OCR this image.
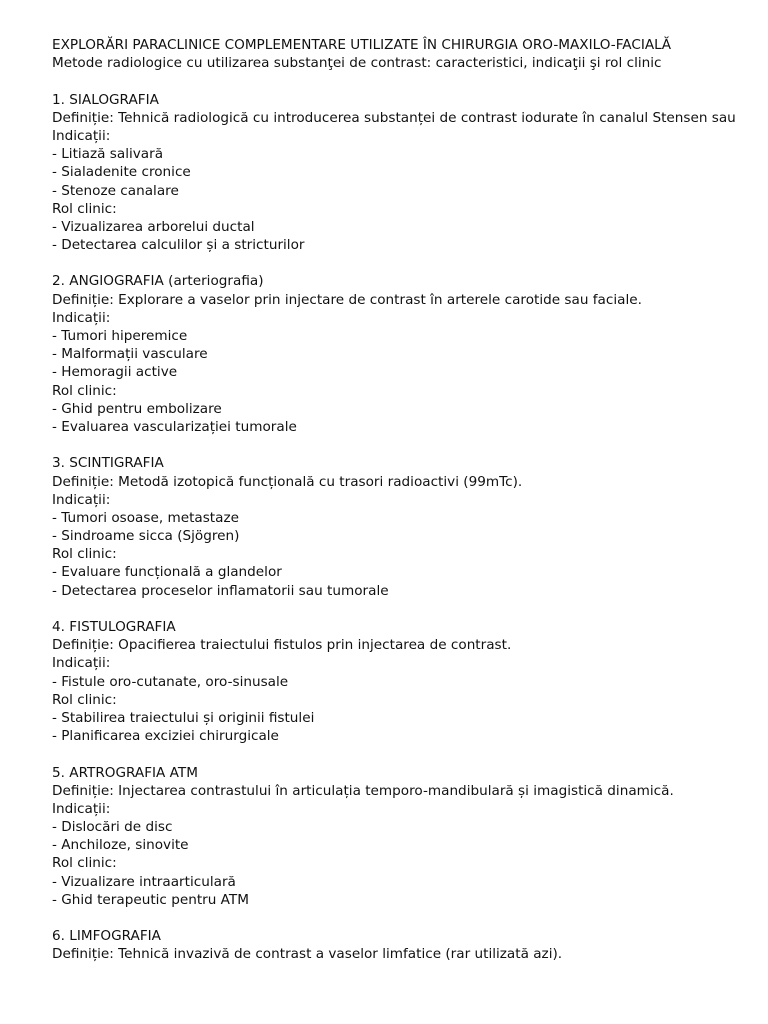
EXPLORĂRI PARACLINICE COMPLEMENTARE UTILIZATE ÎN CHIRURGIA ORO-MAXILO-FACIALĂ
Metode radiologice cu utilizarea substanţei de contrast: caracteristici, indicaţii şi rol clinic
1. SIALOGRAFIA
Definiție: Tehnică radiologică cu introducerea substanței de contrast iodurate în canalul Stensen sau
Indicații:
- Litiază salivară
- Sialadenite cronice
- Stenoze canalare
Rol clinic:
- Vizualizarea arborelui ductal
- Detectarea calculilor și a stricturilor
2. ANGIOGRAFIA (arteriografia)
Definiție: Explorare a vaselor prin injectare de contrast în arterele carotide sau faciale.
Indicații:
- Tumori hiperemice
- Malformații vasculare
- Hemoragii active
Rol clinic:
- Ghid pentru embolizare
- Evaluarea vascularizației tumorale
3. SCINTIGRAFIA
Definiție: Metodă izotopică funcțională cu trasori radioactivi (99mTc).
Indicații:
- Tumori osoase, metastaze
- Sindroame sicca (Sjögren)
Rol clinic:
- Evaluare funcțională a glandelor
- Detectarea proceselor inflamatorii sau tumorale
4. FISTULOGRAFIA
Definiție: Opacifierea traiectului fistulos prin injectarea de contrast.
Indicații:
- Fistule oro-cutanate, oro-sinusale
Rol clinic:
- Stabilirea traiectului și originii fistulei
- Planificarea exciziei chirurgicale
5. ARTROGRAFIA ATM
Definiție: Injectarea contrastului în articulația temporo-mandibulară și imagistică dinamică.
Indicații:
- Dislocări de disc
- Anchiloze, sinovite
Rol clinic:
- Vizualizare intraarticulară
- Ghid terapeutic pentru ATM
6. LIMFOGRAFIA
Definiție: Tehnică invazivă de contrast a vaselor limfatice (rar utilizată azi).
